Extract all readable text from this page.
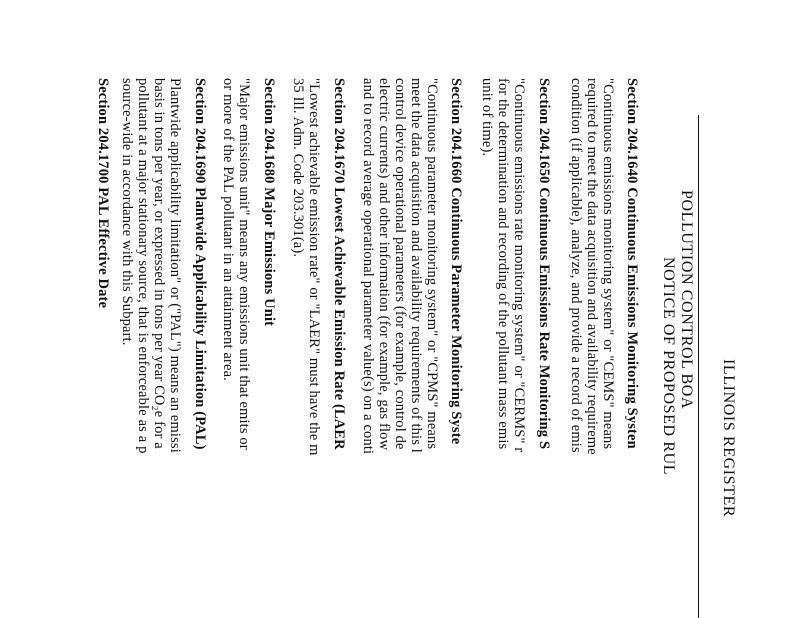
ILLINOIS REGISTER
POLLUTION CONTROL BOA
NOTICE OF PROPOSED RUL
Section 204.1640 Continuous Emissions Monitoring Systen
"Continuous emissions monitoring system" or "CEMS" means
required to meet the data acquisition and availability requireme
condition (if applicable), analyze, and provide a record of emis
Section 204.1650 Continuous Emissions Rate Monitoring S
"Continuous emissions rate monitoring system" or "CERMS" r
for the determination and recording of the pollutant mass emis
unit of time).
Section 204.1660 Continuous Parameter Monitoring Syste
"Continuous parameter monitoring system" or "CPMS" means
meet the data acquisition and availability requirements of this l
control device operational parameters (for example, control de
electric currents) and other information (for example, gas flow
and to record average operational parameter value(s) on a conti
Section 204.1670 Lowest Achievable Emission Rate (LAER
"Lowest achievable emission rate" or "LAER" must have the m
35 Ill. Adm. Code 203.301(a).
Section 204.1680 Major Emissions Unit
"Major emissions unit" means any emissions unit that emits or
or more of the PAL pollutant in an attainment area.
Section 204.1690 Plantwide Applicability Limitation (PAL)
Plantwide applicability limitation" or ("PAL") means an emissi
basis in tons per year, or expressed in tons per year CO₂e for a
pollutant at a major stationary source, that is enforceable as a p
source-wide in accordance with this Subpart.
Section 204.1700 PAL Effective Date
